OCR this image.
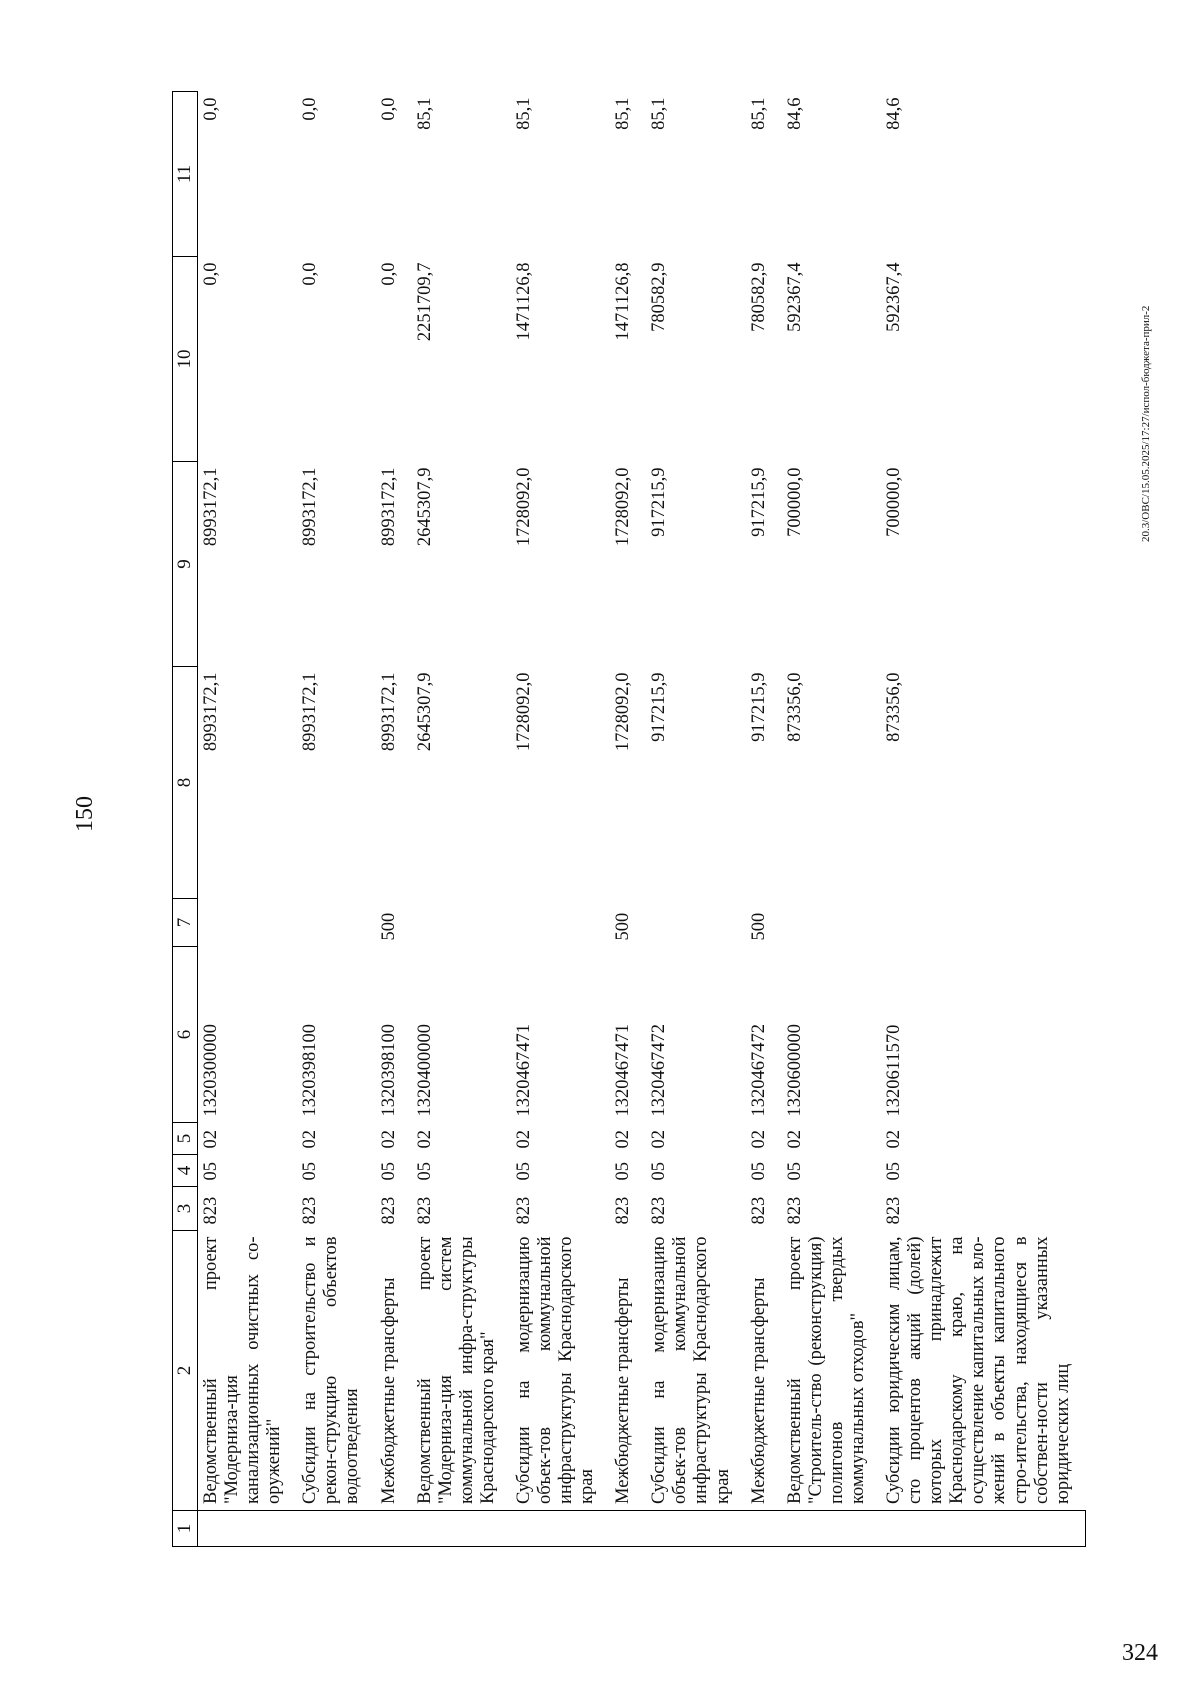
150
1	2	3	4	5	6	7	8	9	10	11
	Ведомственный проект "Модерниза-ция канализационных очистных со-оружений"	823	05	02	1320300000		8993172,1	8993172,1	0,0	0,0
	Субсидии на строительство и рекон-струкцию объектов водоотведения	823	05	02	1320398100		8993172,1	8993172,1	0,0	0,0
	Межбюджетные трансферты	823	05	02	1320398100	500	8993172,1	8993172,1	0,0	0,0
	Ведомственный проект "Модерниза-ция систем коммунальной инфра-структуры Краснодарского края"	823	05	02	1320400000		2645307,9	2645307,9	2251709,7	85,1
	Субсидии на модернизацию объек-тов коммунальной инфраструктуры Краснодарского края	823	05	02	1320467471		1728092,0	1728092,0	1471126,8	85,1
	Межбюджетные трансферты	823	05	02	1320467471	500	1728092,0	1728092,0	1471126,8	85,1
	Субсидии на модернизацию объек-тов коммунальной инфраструктуры Краснодарского края	823	05	02	1320467472		917215,9	917215,9	780582,9	85,1
	Межбюджетные трансферты	823	05	02	1320467472	500	917215,9	917215,9	780582,9	85,1
	Ведомственный проект "Строитель-ство (реконструкция) полигонов твердых коммунальных отходов"	823	05	02	1320600000		873356,0	700000,0	592367,4	84,6
	Субсидии юридическим лицам, сто процентов акций (долей) которых принадлежит Краснодарскому краю, на осуществление капитальных вло-жений в объекты капитального стро-ительства, находящиеся в собствен-ности указанных юридических лиц	823	05	02	1320611570		873356,0	700000,0	592367,4	84,6
20.3/ОВС/15.05.2025/17:27/испол-бюджета-прил-2
324
